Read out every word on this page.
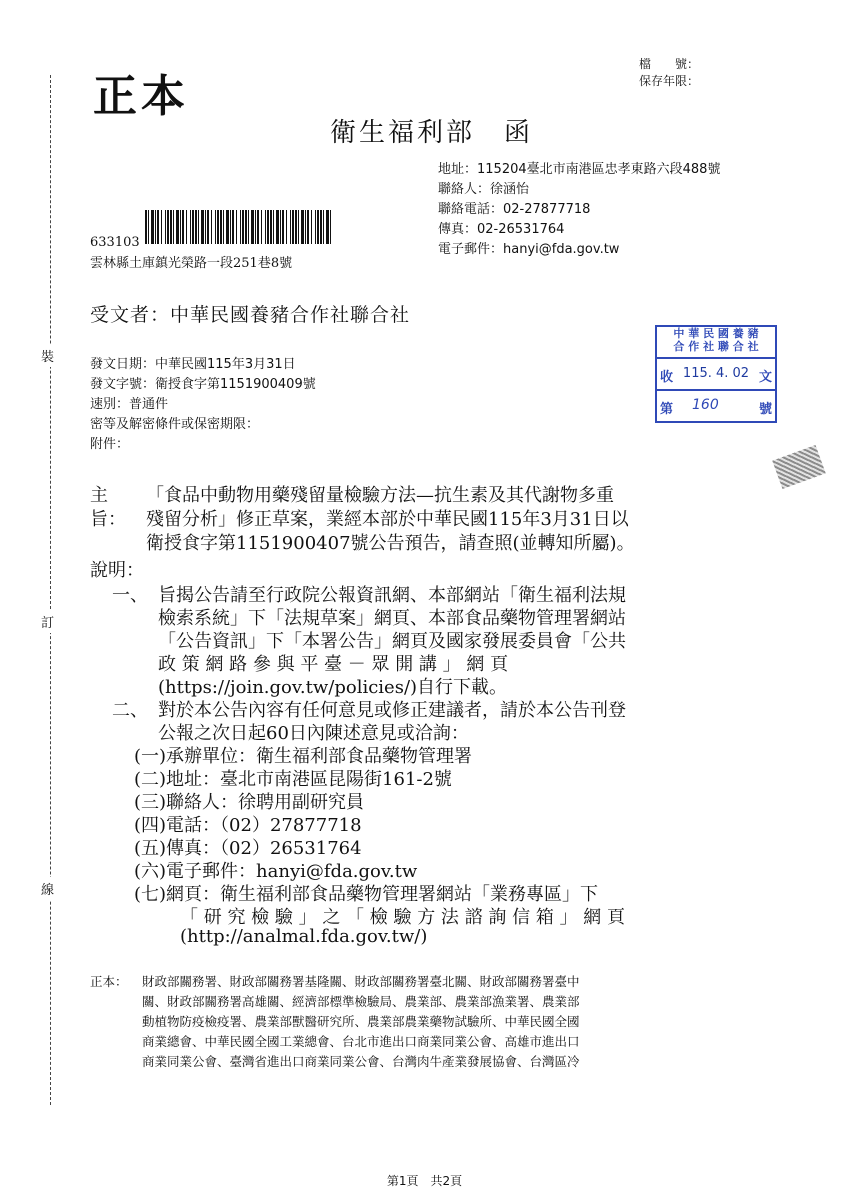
裝
訂
線
正本
檔　　號：
保存年限：
衛生福利部　函
地址：115204臺北市南港區忠孝東路六段488號
聯絡人：徐涵怡
聯絡電話：02-27877718
傳真：02-26531764
電子郵件：hanyi@fda.gov.tw
633103
雲林縣土庫鎮光榮路一段251巷8號
受文者：中華民國養豬合作社聯合社
發文日期：中華民國115年3月31日
發文字號：衛授食字第1151900409號
速別：普通件
密等及解密條件或保密期限：
附件：
中 華 民 國 養 豬
合 作 社 聯 合 社
收 115. 4. 02 文
第 160	號
主旨：
「食品中動物用藥殘留量檢驗方法—抗生素及其代謝物多重
殘留分析」修正草案，業經本部於中華民國115年3月31日以
衛授食字第1151900407號公告預告，請查照(並轉知所屬)。
說明：
一、 旨揭公告請至行政院公報資訊網、本部網站「衛生福利法規
檢索系統」下「法規草案」網頁、本部食品藥物管理署網站
「公告資訊」下「本署公告」網頁及國家發展委員會「公共
政 策 網 路 參 與 平 臺 － 眾 開 講 」 網 頁
(https://join.gov.tw/policies/)自行下載。
二、 對於本公告內容有任何意見或修正建議者，請於本公告刊登
公報之次日起60日內陳述意見或洽詢：
(一)承辦單位：衛生福利部食品藥物管理署
(二)地址：臺北市南港區昆陽街161-2號
(三)聯絡人：徐聘用副研究員
(四)電話：（02）27877718
(五)傳真：（02）26531764
(六)電子郵件：hanyi@fda.gov.tw
(七)網頁：衛生福利部食品藥物管理署網站「業務專區」下
「 研 究 檢 驗 」 之 「 檢 驗 方 法 諮 詢 信 箱 」 網 頁
(http://analmal.fda.gov.tw/)
正本： 財政部關務署、財政部關務署基隆關、財政部關務署臺北關、財政部關務署臺中
關、財政部關務署高雄關、經濟部標準檢驗局、農業部、農業部漁業署、農業部
動植物防疫檢疫署、農業部獸醫研究所、農業部農業藥物試驗所、中華民國全國
商業總會、中華民國全國工業總會、台北市進出口商業同業公會、高雄市進出口
商業同業公會、臺灣省進出口商業同業公會、台灣肉牛產業發展協會、台灣區冷
第1頁　共2頁
